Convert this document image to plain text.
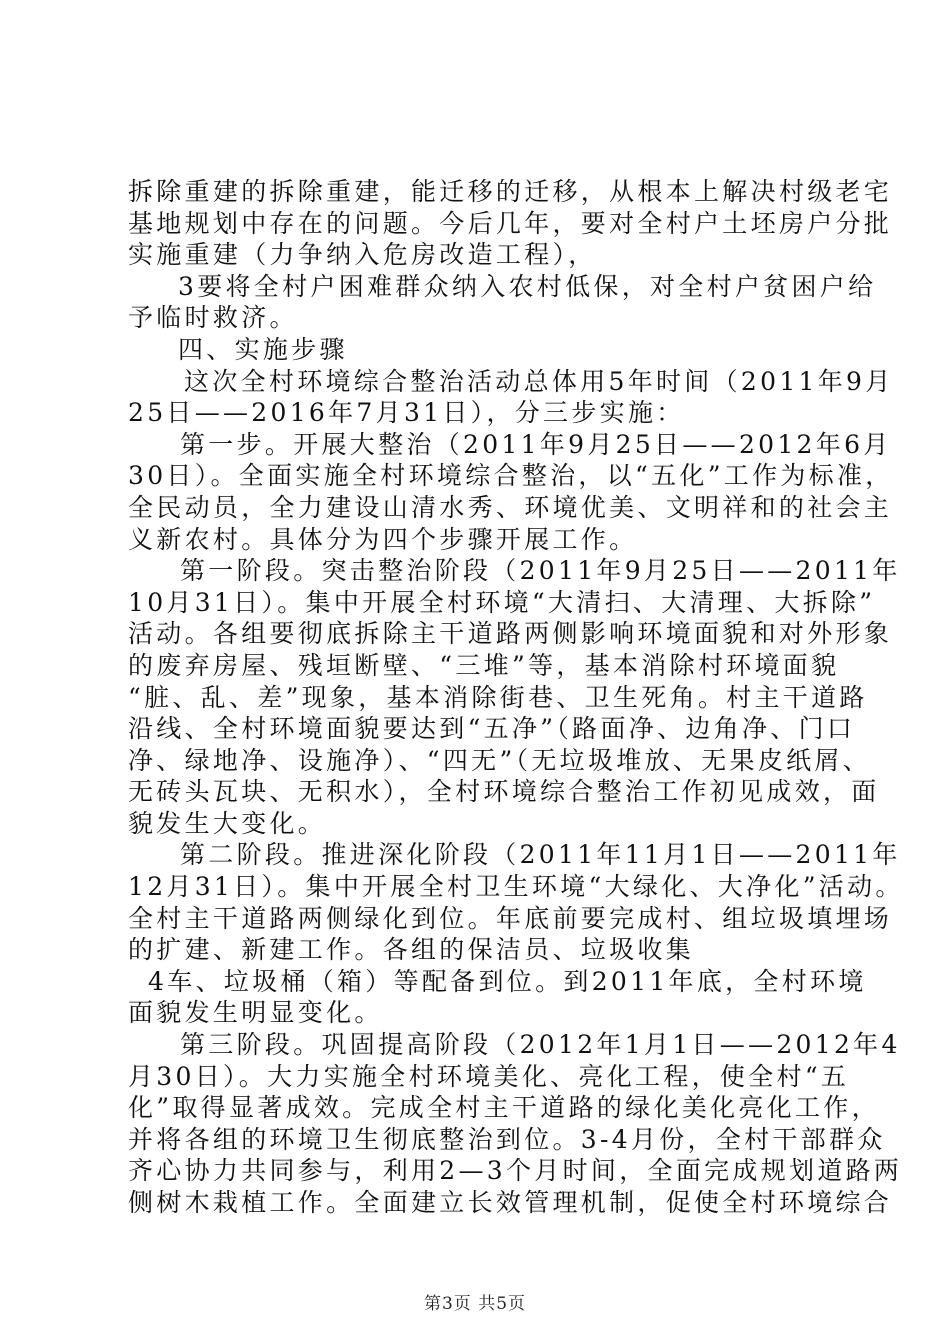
拆除重建的拆除重建，能迁移的迁移，从根本上解决村级老宅
基地规划中存在的问题。今后几年，要对全村户土坯房户分批
实施重建（力争纳入危房改造工程），
3要将全村户困难群众纳入农村低保，对全村户贫困户给
予临时救济。
四、实施步骤
这次全村环境综合整治活动总体用5年时间（2011年9月
25日——2016年7月31日），分三步实施：
第一步。开展大整治（2011年9月25日——2012年6月
30日）。全面实施全村环境综合整治，以“五化”工作为标准，
全民动员，全力建设山清水秀、环境优美、文明祥和的社会主
义新农村。具体分为四个步骤开展工作。
第一阶段。突击整治阶段（2011年9月25日——2011年
10月31日）。集中开展全村环境“大清扫、大清理、大拆除”
活动。各组要彻底拆除主干道路两侧影响环境面貌和对外形象
的废弃房屋、残垣断壁、“三堆”等，基本消除村环境面貌
“脏、乱、差”现象，基本消除街巷、卫生死角。村主干道路
沿线、全村环境面貌要达到“五净”（路面净、边角净、门口
净、绿地净、设施净）、“四无”（无垃圾堆放、无果皮纸屑、
无砖头瓦块、无积水），全村环境综合整治工作初见成效，面
貌发生大变化。
第二阶段。推进深化阶段（2011年11月1日——2011年
12月31日）。集中开展全村卫生环境“大绿化、大净化”活动。
全村主干道路两侧绿化到位。年底前要完成村、组垃圾填埋场
的扩建、新建工作。各组的保洁员、垃圾收集
4车、垃圾桶（箱）等配备到位。到2011年底，全村环境
面貌发生明显变化。
第三阶段。巩固提高阶段（2012年1月1日——2012年4
月30日）。大力实施全村环境美化、亮化工程，使全村“五
化”取得显著成效。完成全村主干道路的绿化美化亮化工作，
并将各组的环境卫生彻底整治到位。3-4月份，全村干部群众
齐心协力共同参与，利用2—3个月时间，全面完成规划道路两
侧树木栽植工作。全面建立长效管理机制，促使全村环境综合
第3页 共5页
